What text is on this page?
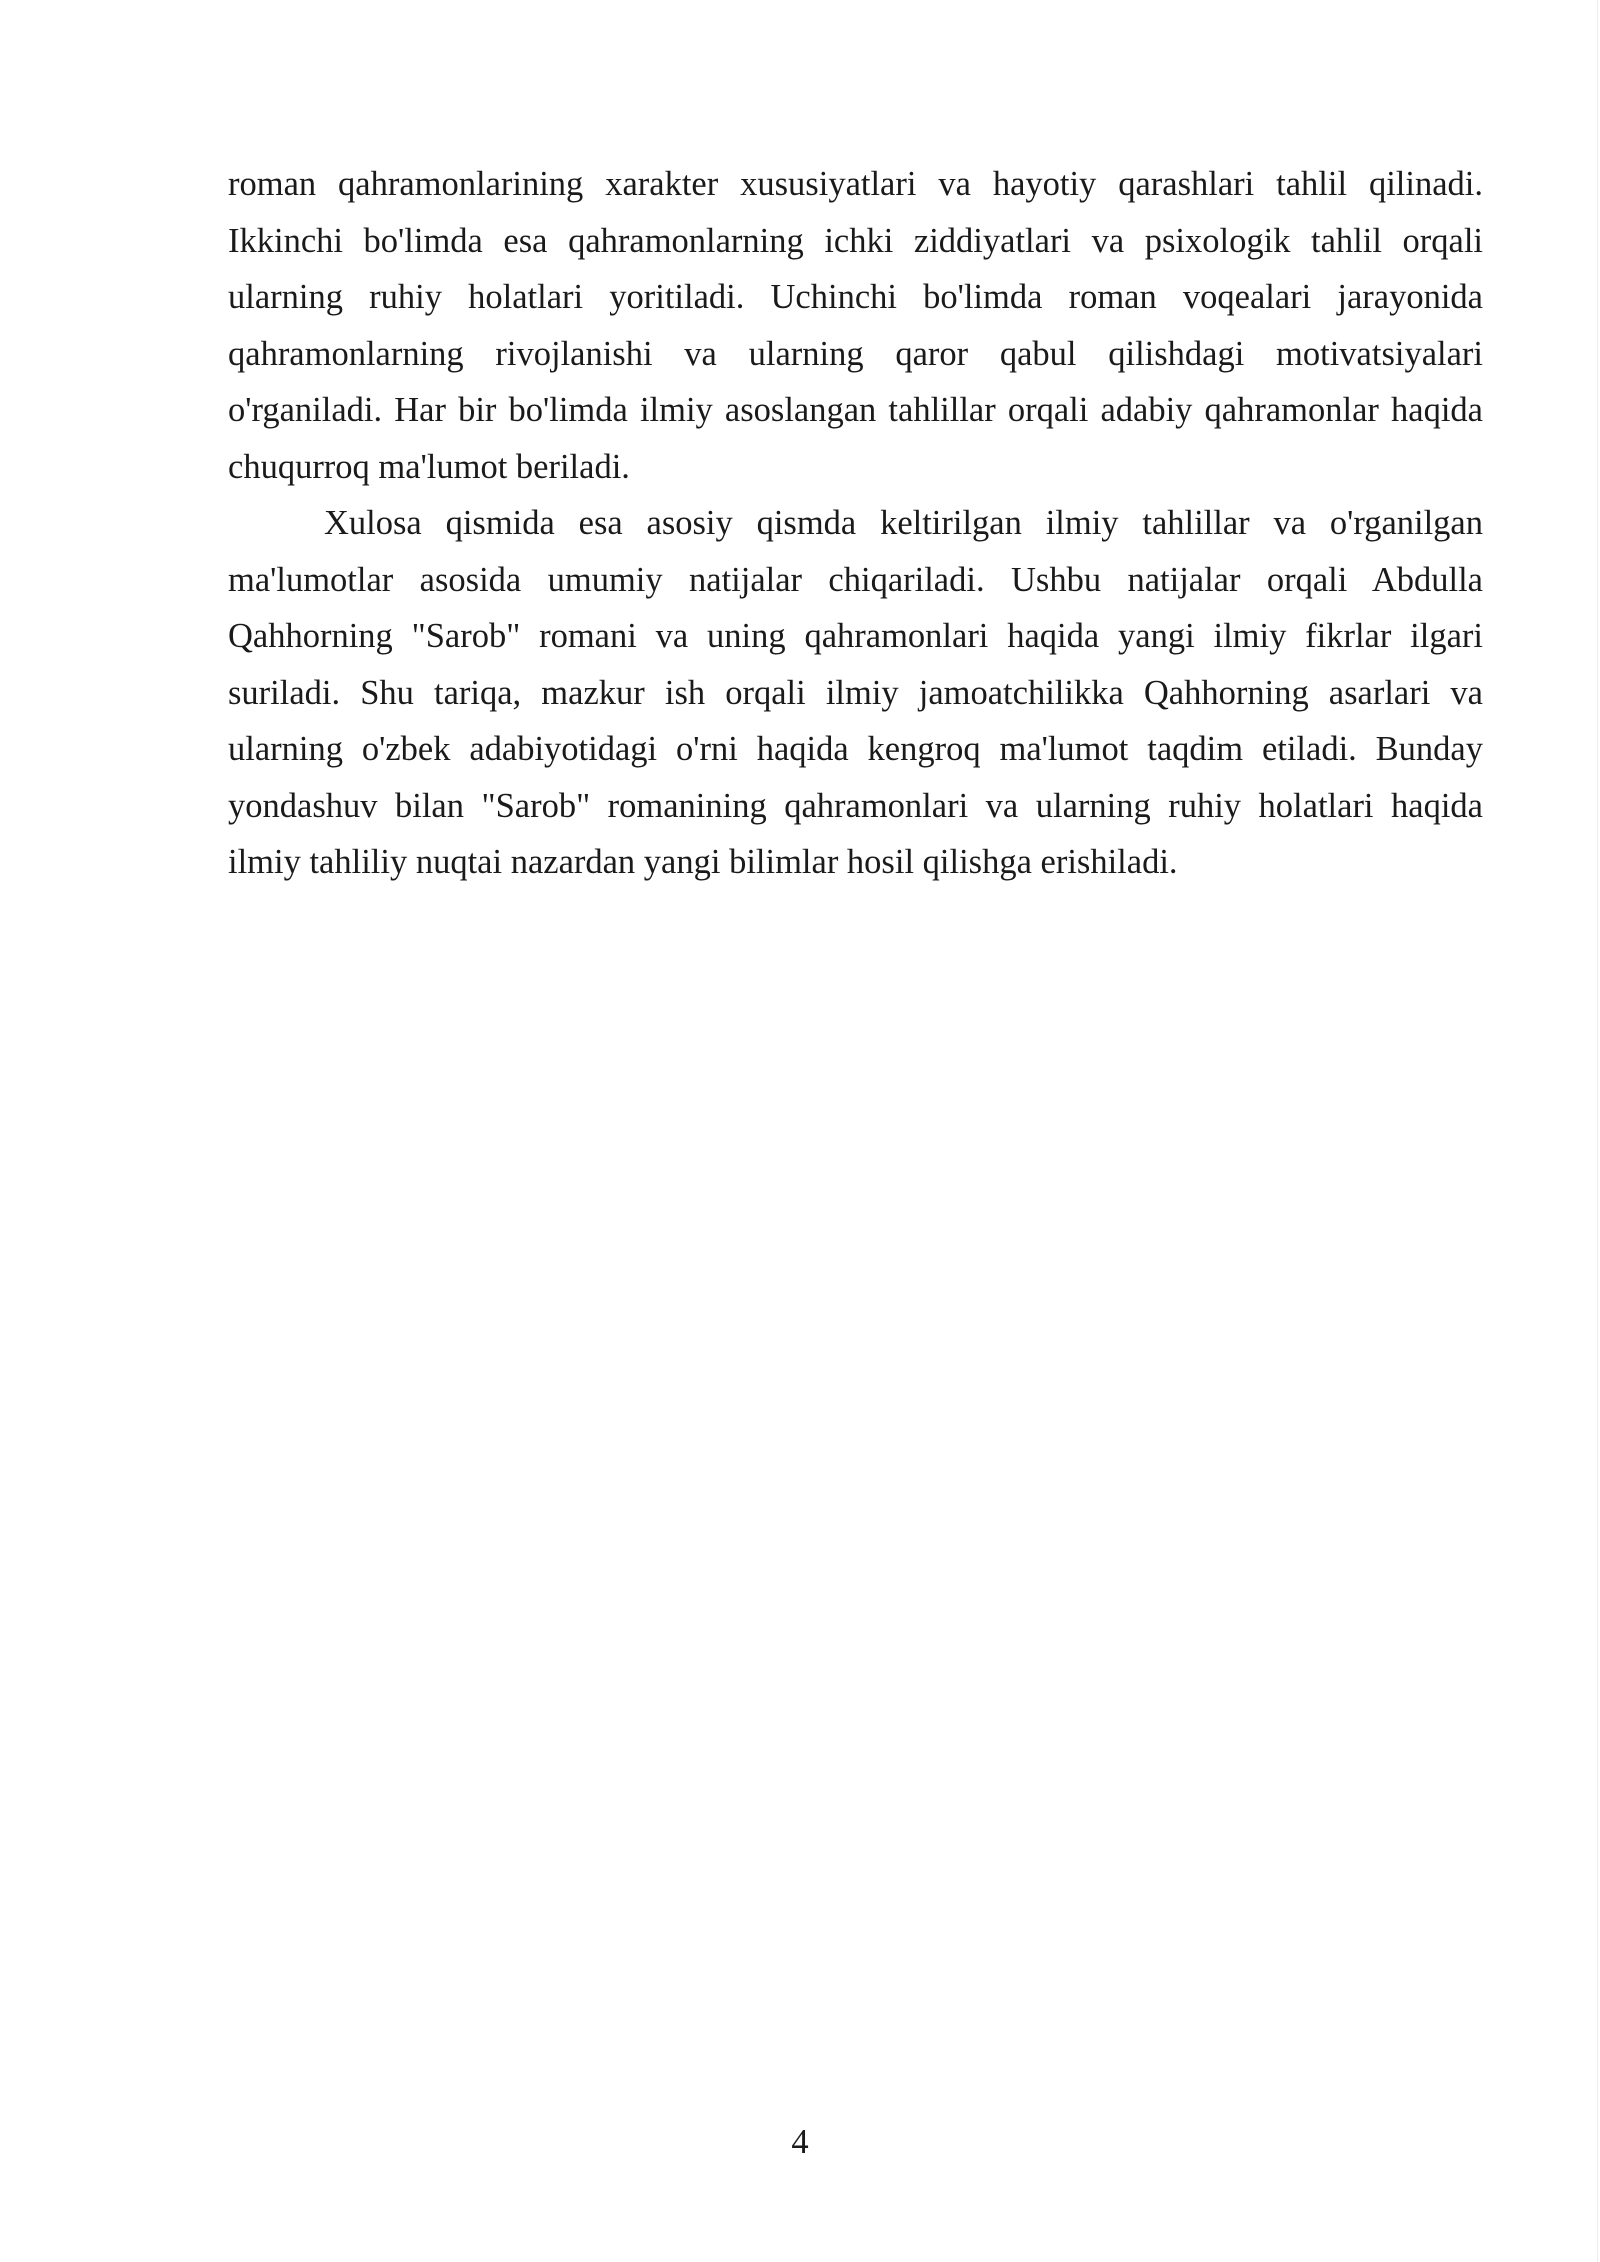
roman qahramonlarining xarakter xususiyatlari va hayotiy qarashlari tahlil qilinadi. Ikkinchi bo'limda esa qahramonlarning ichki ziddiyatlari va psixologik tahlil orqali ularning ruhiy holatlari yoritiladi. Uchinchi bo'limda roman voqealari jarayonida qahramonlarning rivojlanishi va ularning qaror qabul qilishdagi motivatsiyalari o'rganiladi. Har bir bo'limda ilmiy asoslangan tahlillar orqali adabiy qahramonlar haqida chuqurroq ma'lumot beriladi.

Xulosa qismida esa asosiy qismda keltirilgan ilmiy tahlillar va o'rganilgan ma'lumotlar asosida umumiy natijalar chiqariladi. Ushbu natijalar orqali Abdulla Qahhorning "Sarob" romani va uning qahramonlari haqida yangi ilmiy fikrlar ilgari suriladi. Shu tariqa, mazkur ish orqali ilmiy jamoatchilikka Qahhorning asarlari va ularning o'zbek adabiyotidagi o'rni haqida kengroq ma'lumot taqdim etiladi. Bunday yondashuv bilan "Sarob" romanining qahramonlari va ularning ruhiy holatlari haqida ilmiy tahliliy nuqtai nazardan yangi bilimlar hosil qilishga erishiladi.

4
